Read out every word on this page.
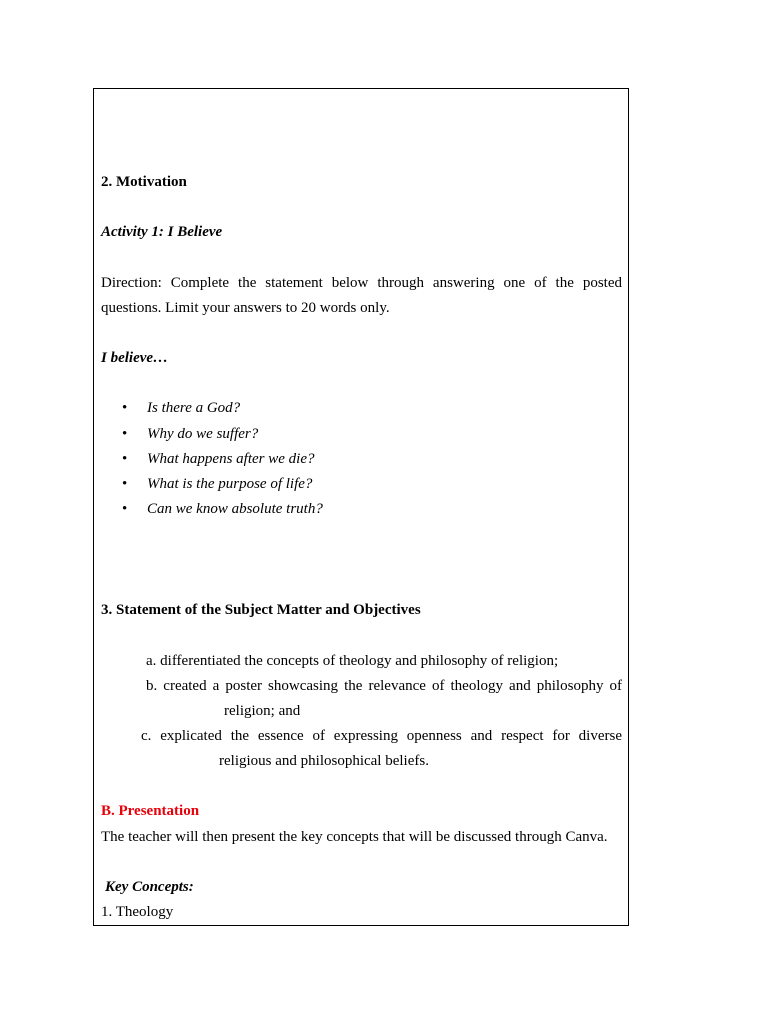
2. Motivation
Activity 1: I Believe
Direction: Complete the statement below through answering one of the posted
questions. Limit your answers to 20 words only.
I believe…
• Is there a God?
• Why do we suffer?
• What happens after we die?
• What is the purpose of life?
• Can we know absolute truth?
3. Statement of the Subject Matter and Objectives
a. differentiated the concepts of theology and philosophy of religion;
b. created a poster showcasing the relevance of theology and philosophy of
religion; and
c. explicated the essence of expressing openness and respect for diverse
religious and philosophical beliefs.
B. Presentation
The teacher will then present the key concepts that will be discussed through Canva.
Key Concepts:
1. Theology
